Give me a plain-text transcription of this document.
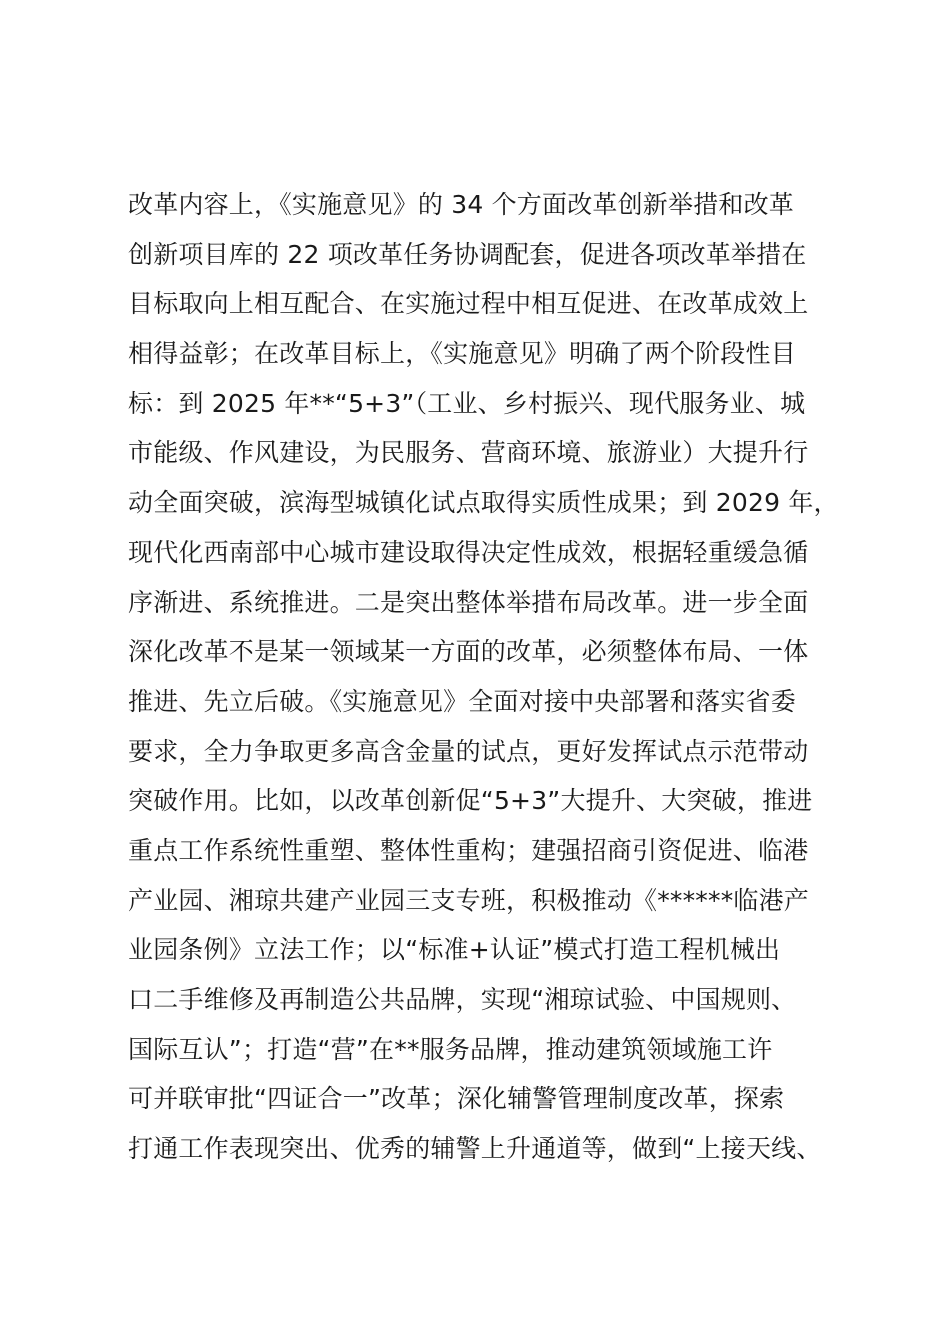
改革内容上，《实施意见》的 34 个方面改革创新举措和改革
创新项目库的 22 项改革任务协调配套，促进各项改革举措在
目标取向上相互配合、在实施过程中相互促进、在改革成效上
相得益彰；在改革目标上，《实施意见》明确了两个阶段性目
标：到 2025 年**“5+3”（工业、乡村振兴、现代服务业、城
市能级、作风建设，为民服务、营商环境、旅游业）大提升行
动全面突破，滨海型城镇化试点取得实质性成果；到 2029 年，
现代化西南部中心城市建设取得决定性成效，根据轻重缓急循
序渐进、系统推进。二是突出整体举措布局改革。进一步全面
深化改革不是某一领域某一方面的改革，必须整体布局、一体
推进、先立后破。《实施意见》全面对接中央部署和落实省委
要求，全力争取更多高含金量的试点，更好发挥试点示范带动
突破作用。比如，以改革创新促“5+3”大提升、大突破，推进
重点工作系统性重塑、整体性重构；建强招商引资促进、临港
产业园、湘琼共建产业园三支专班，积极推动《******临港产
业园条例》立法工作；以“标准+认证”模式打造工程机械出
口二手维修及再制造公共品牌，实现“湘琼试验、中国规则、
国际互认”；打造“营”在**服务品牌，推动建筑领域施工许
可并联审批“四证合一”改革；深化辅警管理制度改革，探索
打通工作表现突出、优秀的辅警上升通道等，做到“上接天线、
